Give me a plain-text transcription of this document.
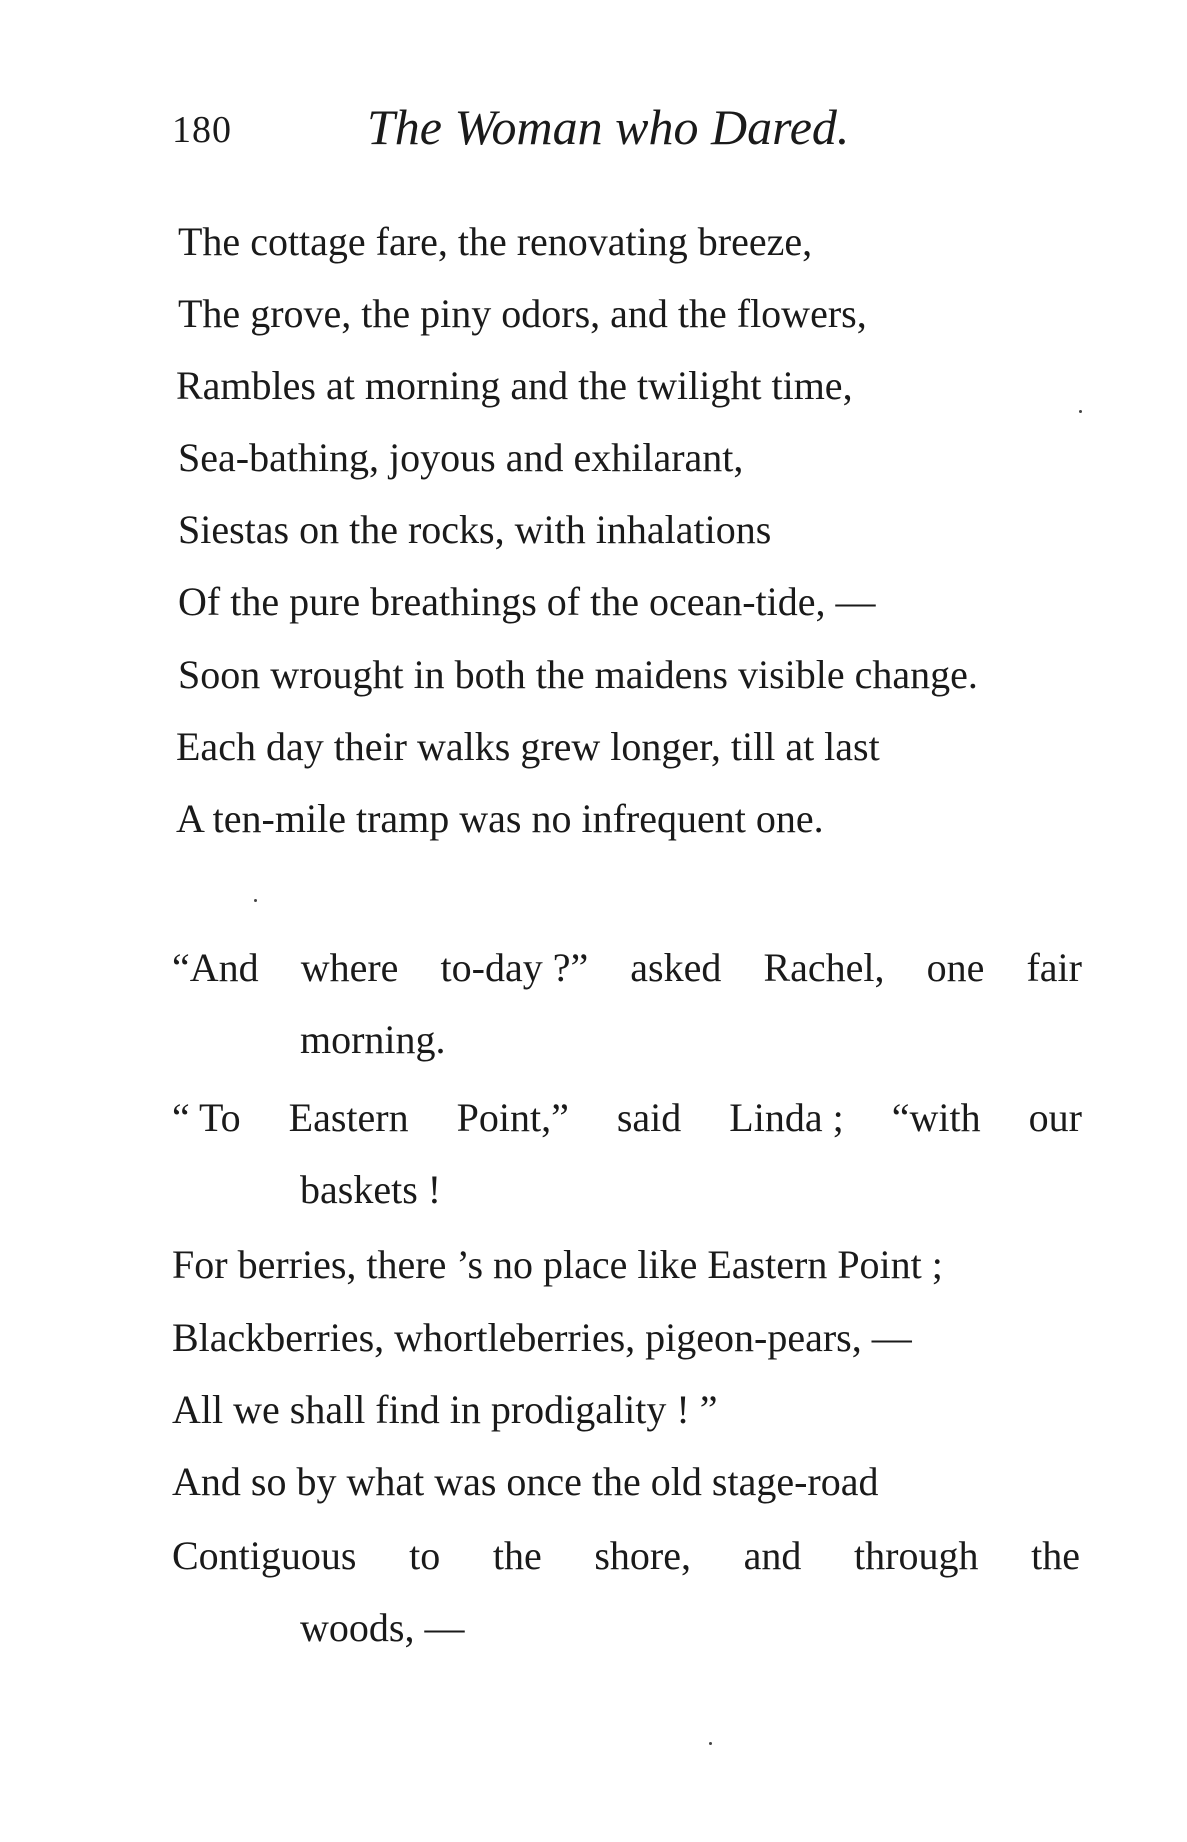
180	The Woman who Dared.
The cottage fare, the renovating breeze,
The grove, the piny odors, and the flowers,
Rambles at morning and the twilight time,
Sea-bathing, joyous and exhilarant,
Siestas on the rocks, with inhalations
Of the pure breathings of the ocean-tide, —
Soon wrought in both the maidens visible change.
Each day their walks grew longer, till at last
A ten-mile tramp was no infrequent one.
“And where to-day ?” asked Rachel, one fair
morning.
“ To Eastern Point,” said Linda ; “with our
baskets !
For berries, there ’s no place like Eastern Point ;
Blackberries, whortleberries, pigeon-pears, —
All we shall find in prodigality ! ”
And so by what was once the old stage-road
Contiguous to the shore, and through the
woods, —
